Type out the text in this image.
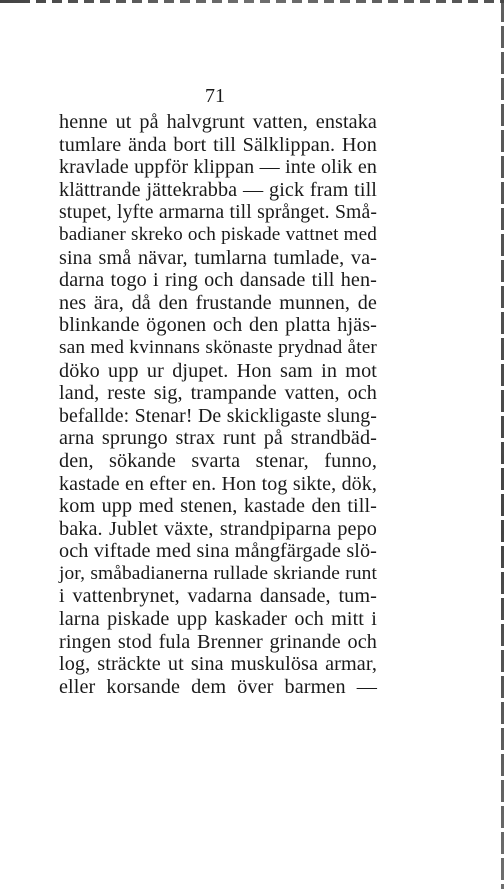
71
henne ut på halvgrunt vatten, enstaka
tumlare ända bort till Sälklippan. Hon
kravlade uppför klippan — inte olik en
klättrande jättekrabba — gick fram till
stupet, lyfte armarna till språnget. Små-
badianer skreko och piskade vattnet med
sina små nävar, tumlarna tumlade, va-
darna togo i ring och dansade till hen-
nes ära, då den frustande munnen, de
blinkande ögonen och den platta hjäs-
san med kvinnans skönaste prydnad åter
döko upp ur djupet. Hon sam in mot
land, reste sig, trampande vatten, och
befallde: Stenar! De skickligaste slung-
arna sprungo strax runt på strandbäd-
den, sökande svarta stenar, funno,
kastade en efter en. Hon tog sikte, dök,
kom upp med stenen, kastade den till-
baka. Jublet växte, strandpiparna pepo
och viftade med sina mångfärgade slö-
jor, småbadianerna rullade skriande runt
i vattenbrynet, vadarna dansade, tum-
larna piskade upp kaskader och mitt i
ringen stod fula Brenner grinande och
log, sträckte ut sina muskulösa armar,
eller korsande dem över barmen —
